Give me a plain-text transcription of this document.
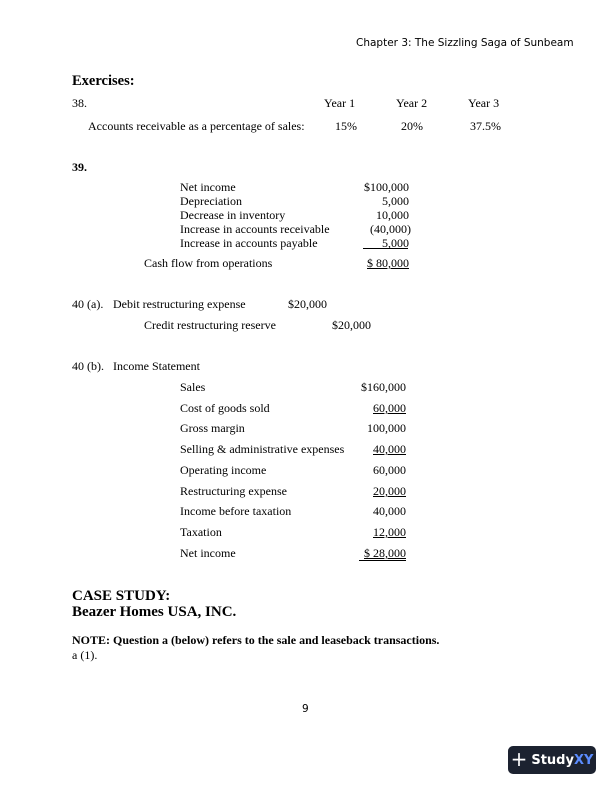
Chapter 3: The Sizzling Saga of Sunbeam
Exercises:
38.	Year 1	Year 2	Year 3
Accounts receivable as a percentage of sales:	15%	20%	37.5%
39.
Net income	$100,000
Depreciation	5,000
Decrease in inventory	10,000
Increase in accounts receivable	(40,000)
Increase in accounts payable	5,000
Cash flow from operations	$ 80,000
40 (a). Debit restructuring expense	$20,000
Credit restructuring reserve	$20,000
40 (b). Income Statement
Sales	$160,000
Cost of goods sold	60,000
Gross margin	100,000
Selling & administrative expenses	40,000
Operating income	60,000
Restructuring expense	20,000
Income before taxation	40,000
Taxation	12,000
Net income	$ 28,000
CASE STUDY:
Beazer Homes USA, INC.
NOTE: Question a (below) refers to the sale and leaseback transactions.
a (1).
9
+ StudyXY
